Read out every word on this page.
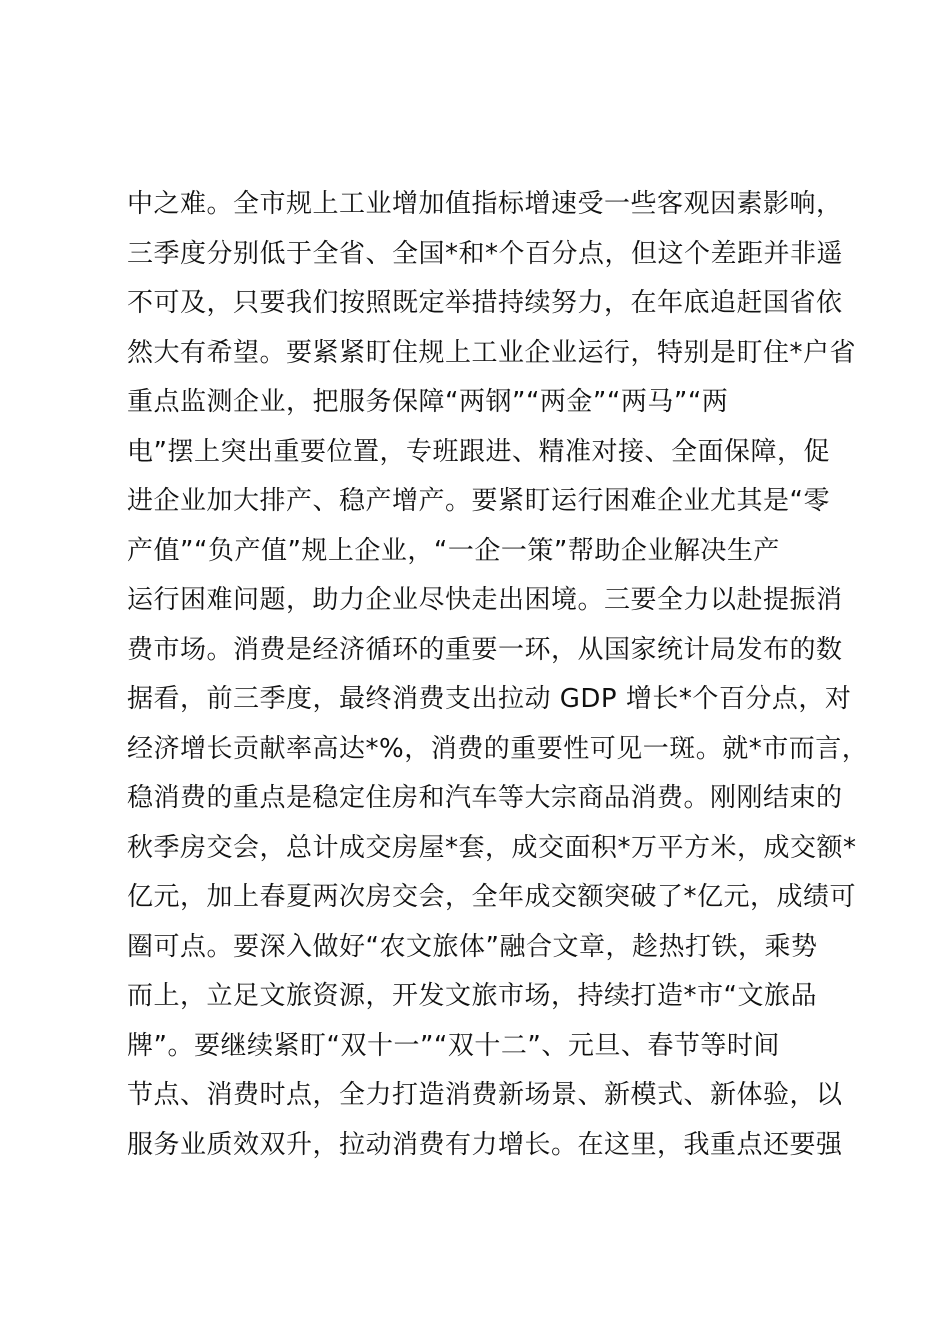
中之难。全市规上工业增加值指标增速受一些客观因素影响，
三季度分别低于全省、全国*和*个百分点，但这个差距并非遥
不可及，只要我们按照既定举措持续努力，在年底追赶国省依
然大有希望。要紧紧盯住规上工业企业运行，特别是盯住*户省
重点监测企业，把服务保障“两钢”“两金”“两马”“两
电”摆上突出重要位置，专班跟进、精准对接、全面保障，促
进企业加大排产、稳产增产。要紧盯运行困难企业尤其是“零
产值”“负产值”规上企业，“一企一策”帮助企业解决生产
运行困难问题，助力企业尽快走出困境。三要全力以赴提振消
费市场。消费是经济循环的重要一环，从国家统计局发布的数
据看，前三季度，最终消费支出拉动 GDP 增长*个百分点，对
经济增长贡献率高达*%，消费的重要性可见一斑。就*市而言，
稳消费的重点是稳定住房和汽车等大宗商品消费。刚刚结束的
秋季房交会，总计成交房屋*套，成交面积*万平方米，成交额*
亿元，加上春夏两次房交会，全年成交额突破了*亿元，成绩可
圈可点。要深入做好“农文旅体”融合文章，趁热打铁，乘势
而上，立足文旅资源，开发文旅市场，持续打造*市“文旅品
牌”。要继续紧盯“双十一”“双十二”、元旦、春节等时间
节点、消费时点，全力打造消费新场景、新模式、新体验，以
服务业质效双升，拉动消费有力增长。在这里，我重点还要强
